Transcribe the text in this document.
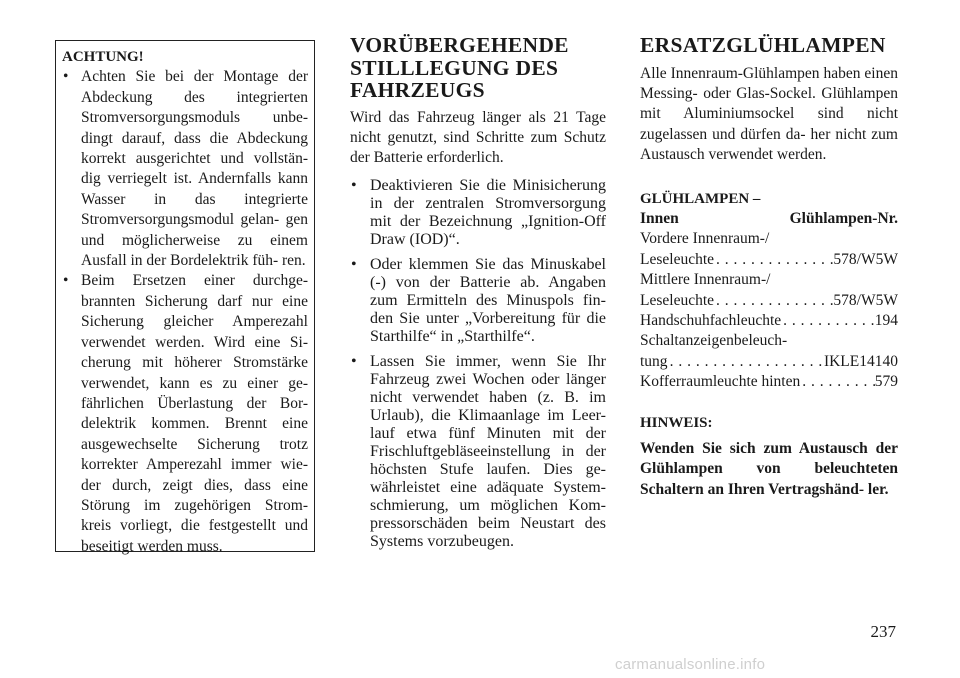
ACHTUNG!
• Achten Sie bei der Montage der Abdeckung des integrierten Stromversorgungsmoduls unbe- dingt darauf, dass die Abdeckung korrekt ausgerichtet und vollstän- dig verriegelt ist. Andernfalls kann Wasser in das integrierte Stromversorgungsmodul gelan- gen und möglicherweise zu einem Ausfall in der Bordelektrik füh- ren.
• Beim Ersetzen einer durchge- brannten Sicherung darf nur eine Sicherung gleicher Amperezahl verwendet werden. Wird eine Si- cherung mit höherer Stromstärke verwendet, kann es zu einer ge- fährlichen Überlastung der Bor- delektrik kommen. Brennt eine ausgewechselte Sicherung trotz korrekter Amperezahl immer wie- der durch, zeigt dies, dass eine Störung im zugehörigen Strom- kreis vorliegt, die festgestellt und beseitigt werden muss.
VORÜBERGEHENDE STILLLEGUNG DES FAHRZEUGS
Wird das Fahrzeug länger als 21 Tage nicht genutzt, sind Schritte zum Schutz der Batterie erforderlich.
• Deaktivieren Sie die Minisicherung in der zentralen Stromversorgung mit der Bezeichnung „Ignition-Off Draw (IOD)“.
• Oder klemmen Sie das Minuskabel (-) von der Batterie ab. Angaben zum Ermitteln des Minuspols fin- den Sie unter „Vorbereitung für die Starthilfe“ in „Starthilfe“.
• Lassen Sie immer, wenn Sie Ihr Fahrzeug zwei Wochen oder länger nicht verwendet haben (z. B. im Urlaub), die Klimaanlage im Leer- lauf etwa fünf Minuten mit der Frischluftgebläseeinstellung in der höchsten Stufe laufen. Dies ge- währleistet eine adäquate System- schmierung, um möglichen Kom- pressorschäden beim Neustart des Systems vorzubeugen.
ERSATZGLÜHLAMPEN
Alle Innenraum-Glühlampen haben einen Messing- oder Glas-Sockel. Glühlampen mit Aluminiumsockel sind nicht zugelassen und dürfen da- her nicht zum Austausch verwendet werden.
GLÜHLAMPEN –
Innen	Glühlampen-Nr.
Vordere Innenraum-/
Leseleuchte . . .	578/W5W
Mittlere Innenraum-/
Leseleuchte . . .	578/W5W
Handschuhfachleuchte . . .	194
Schaltanzeigenbeleuch-
tung . . .	IKLE14140
Kofferraumleuchte hinten . . .	579
HINWEIS:
Wenden Sie sich zum Austausch der Glühlampen von beleuchteten Schaltern an Ihren Vertragshänd- ler.
237
carmanualsonline.info
